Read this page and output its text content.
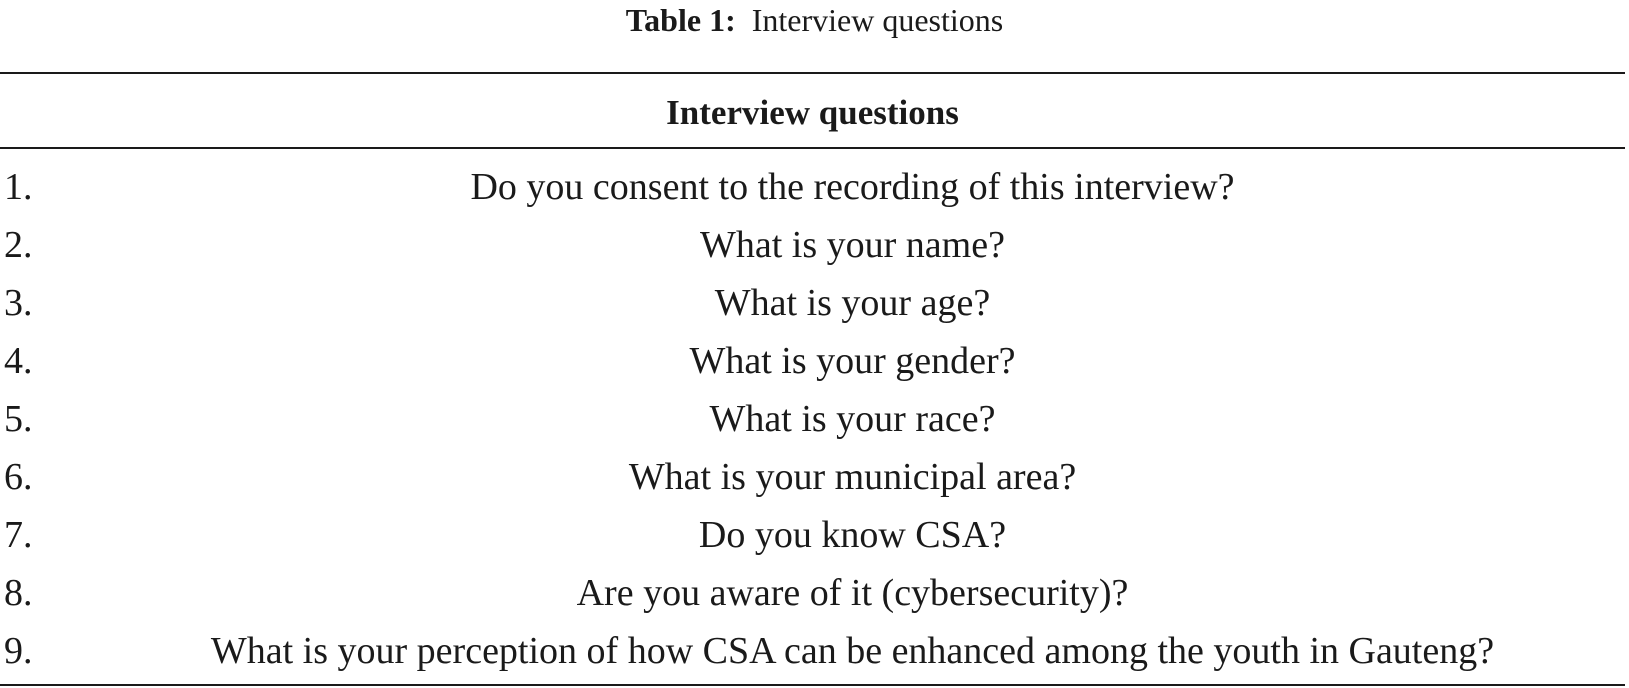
Table 1: Interview questions
Interview questions
1.	Do you consent to the recording of this interview?
2.	What is your name?
3.	What is your age?
4.	What is your gender?
5.	What is your race?
6.	What is your municipal area?
7.	Do you know CSA?
8.	Are you aware of it (cybersecurity)?
9.	What is your perception of how CSA can be enhanced among the youth in Gauteng?
